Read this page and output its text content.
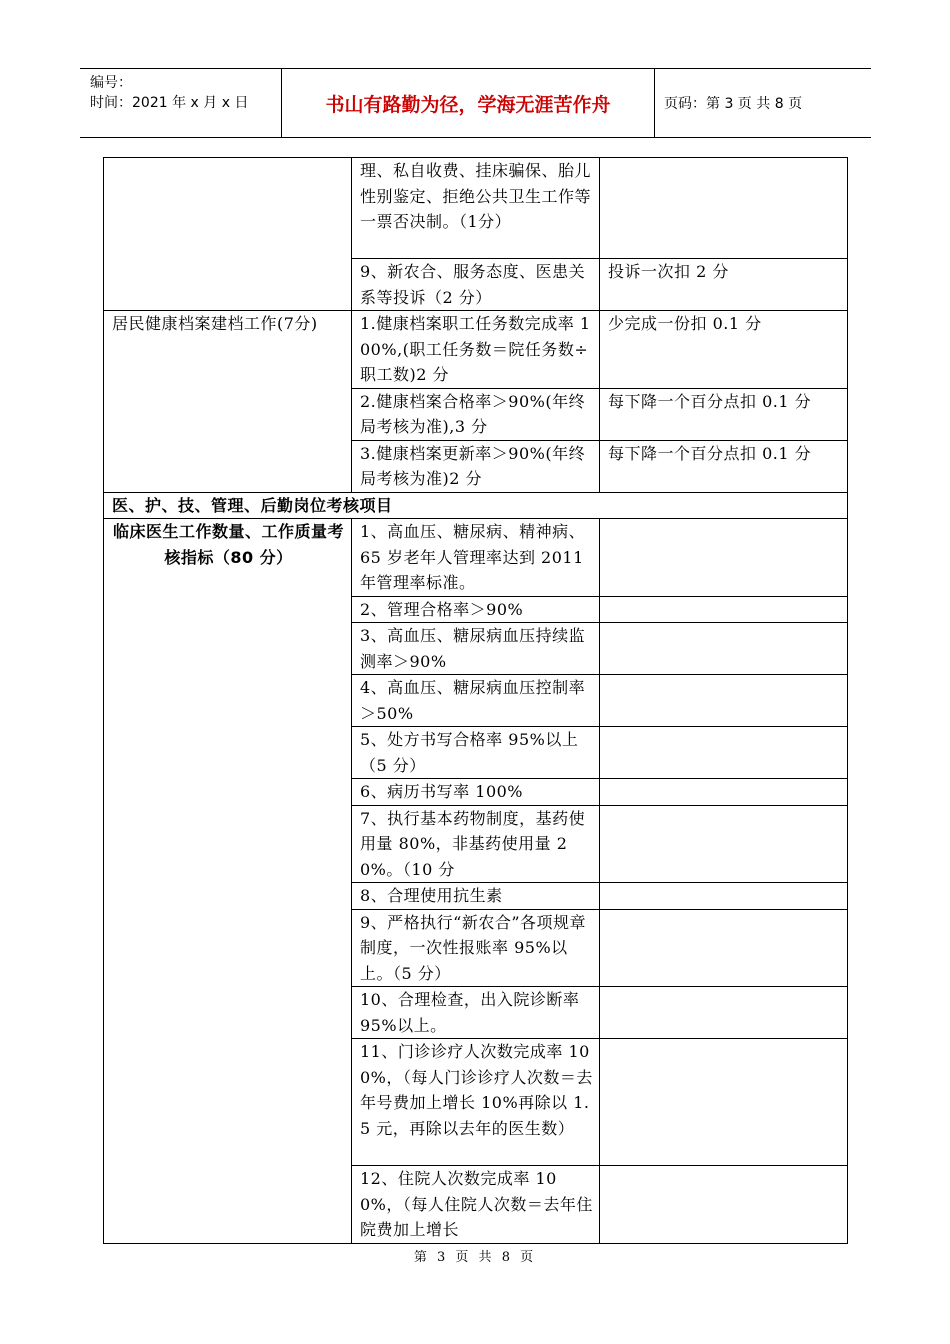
编号：
时间：2021 年 x 月 x 日	书山有路勤为径，学海无涯苦作舟	页码：第 3 页 共 8 页
	理、私自收费、挂床骗保、胎儿性别鉴定、拒绝公共卫生工作等一票否决制。（1分）	
	9、新农合、服务态度、医患关系等投诉（2 分）	投诉一次扣 2 分
居民健康档案建档工作(7分)	1.健康档案职工任务数完成率 100%,(职工任务数＝院任务数÷职工数)2 分	少完成一份扣 0.1 分
	2.健康档案合格率＞90%(年终局考核为准),3 分	每下降一个百分点扣 0.1 分
	3.健康档案更新率＞90%(年终局考核为准)2 分	每下降一个百分点扣 0.1 分
医、护、技、管理、后勤岗位考核项目		
临床医生工作数量、工作质量考核指标（80 分）	1、高血压、糖尿病、精神病、65 岁老年人管理率达到 2011 年管理率标准。	
	2、管理合格率＞90%	
	3、高血压、糖尿病血压持续监测率＞90%	
	4、高血压、糖尿病血压控制率＞50%	
	5、处方书写合格率 95%以上（5 分）	
	6、病历书写率 100%	
	7、执行基本药物制度，基药使用量 80%，非基药使用量 20%。（10 分	
	8、合理使用抗生素	
	9、严格执行“新农合”各项规章制度，一次性报账率 95%以上。（5 分）	
	10、合理检查，出入院诊断率 95%以上。	
	11、门诊诊疗人次数完成率 100%，（每人门诊诊疗人次数＝去年号费加上增长 10%再除以 1.5 元，再除以去年的医生数）	
	12、住院人次数完成率 100%，（每人住院人次数＝去年住院费加上增长	
第 3 页 共 8 页
